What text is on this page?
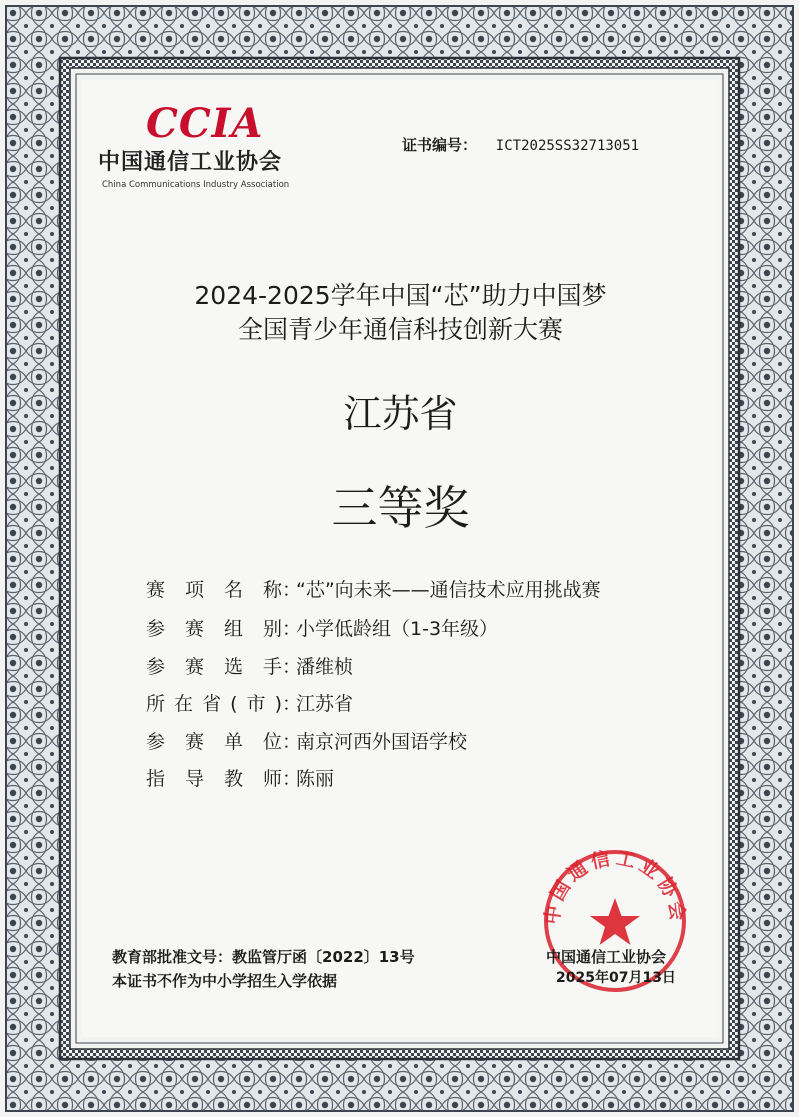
CCIA
中国通信工业协会
China Communications Industry Association
证书编号： ICT2025SS32713051
2024-2025学年中国“芯”助力中国梦
全国青少年通信科技创新大赛
江苏省
三等奖
赛项名称 ：
“芯”向未来——通信技术应用挑战赛
参赛组别 ：
小学低龄组（1-3年级）
参赛选手 ：
潘维桢
所在省(市) ：
江苏省
参赛单位 ：
南京河西外国语学校
指导教师 ：
陈丽
中国通信工业协会
教育部批准文号：教监管厅函〔2022〕13号
本证书不作为中小学招生入学依据
中国通信工业协会
2025年07月13日
